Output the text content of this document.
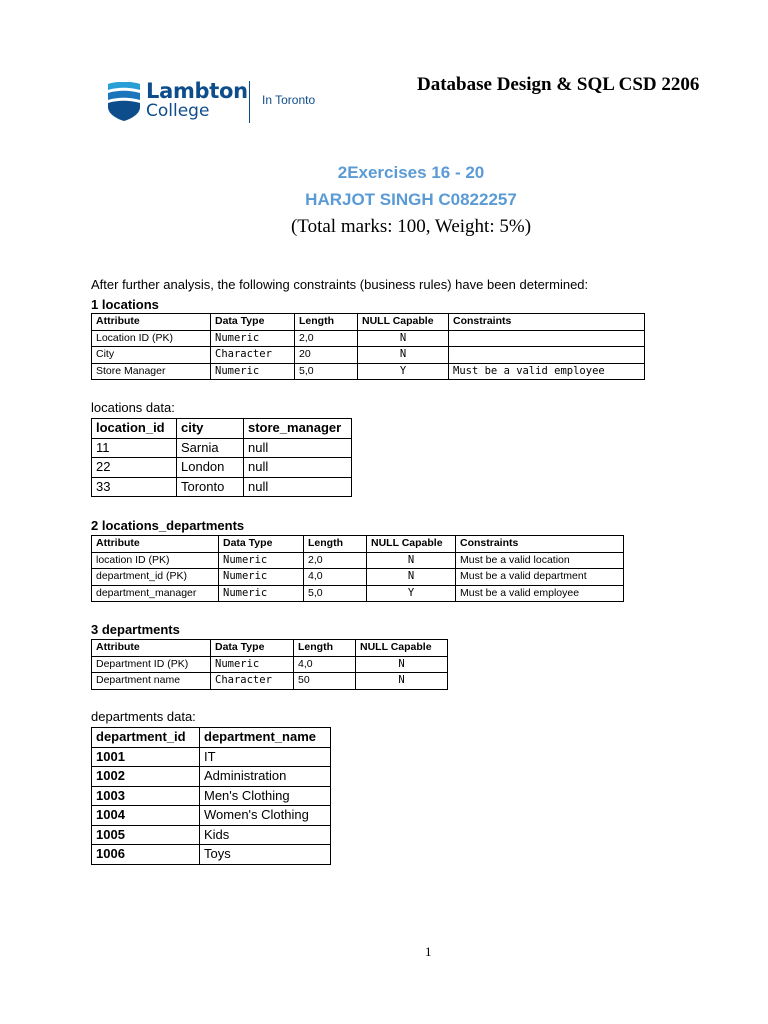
Lambton
College
In Toronto
Database Design & SQL CSD 2206
2Exercises 16 - 20
HARJOT SINGH C0822257
(Total marks: 100, Weight: 5%)
After further analysis, the following constraints (business rules) have been determined:
1 locations
Attribute	Data Type	Length	NULL Capable	Constraints
Location ID (PK)	Numeric	2,0	N	
City	Character	20	N	
Store Manager	Numeric	5,0	Y	Must be a valid employee
locations data:
location_id	city	store_manager
11	Sarnia	null
22	London	null
33	Toronto	null
2 locations_departments
Attribute	Data Type	Length	NULL Capable	Constraints
location ID (PK)	Numeric	2,0	N	Must be a valid location
department_id (PK)	Numeric	4,0	N	Must be a valid department
department_manager	Numeric	5,0	Y	Must be a valid employee
3 departments
Attribute	Data Type	Length	NULL Capable
Department ID (PK)	Numeric	4,0	N
Department name	Character	50	N
departments data:
department_id	department_name
1001	IT
1002	Administration
1003	Men's Clothing
1004	Women's Clothing
1005	Kids
1006	Toys
1
